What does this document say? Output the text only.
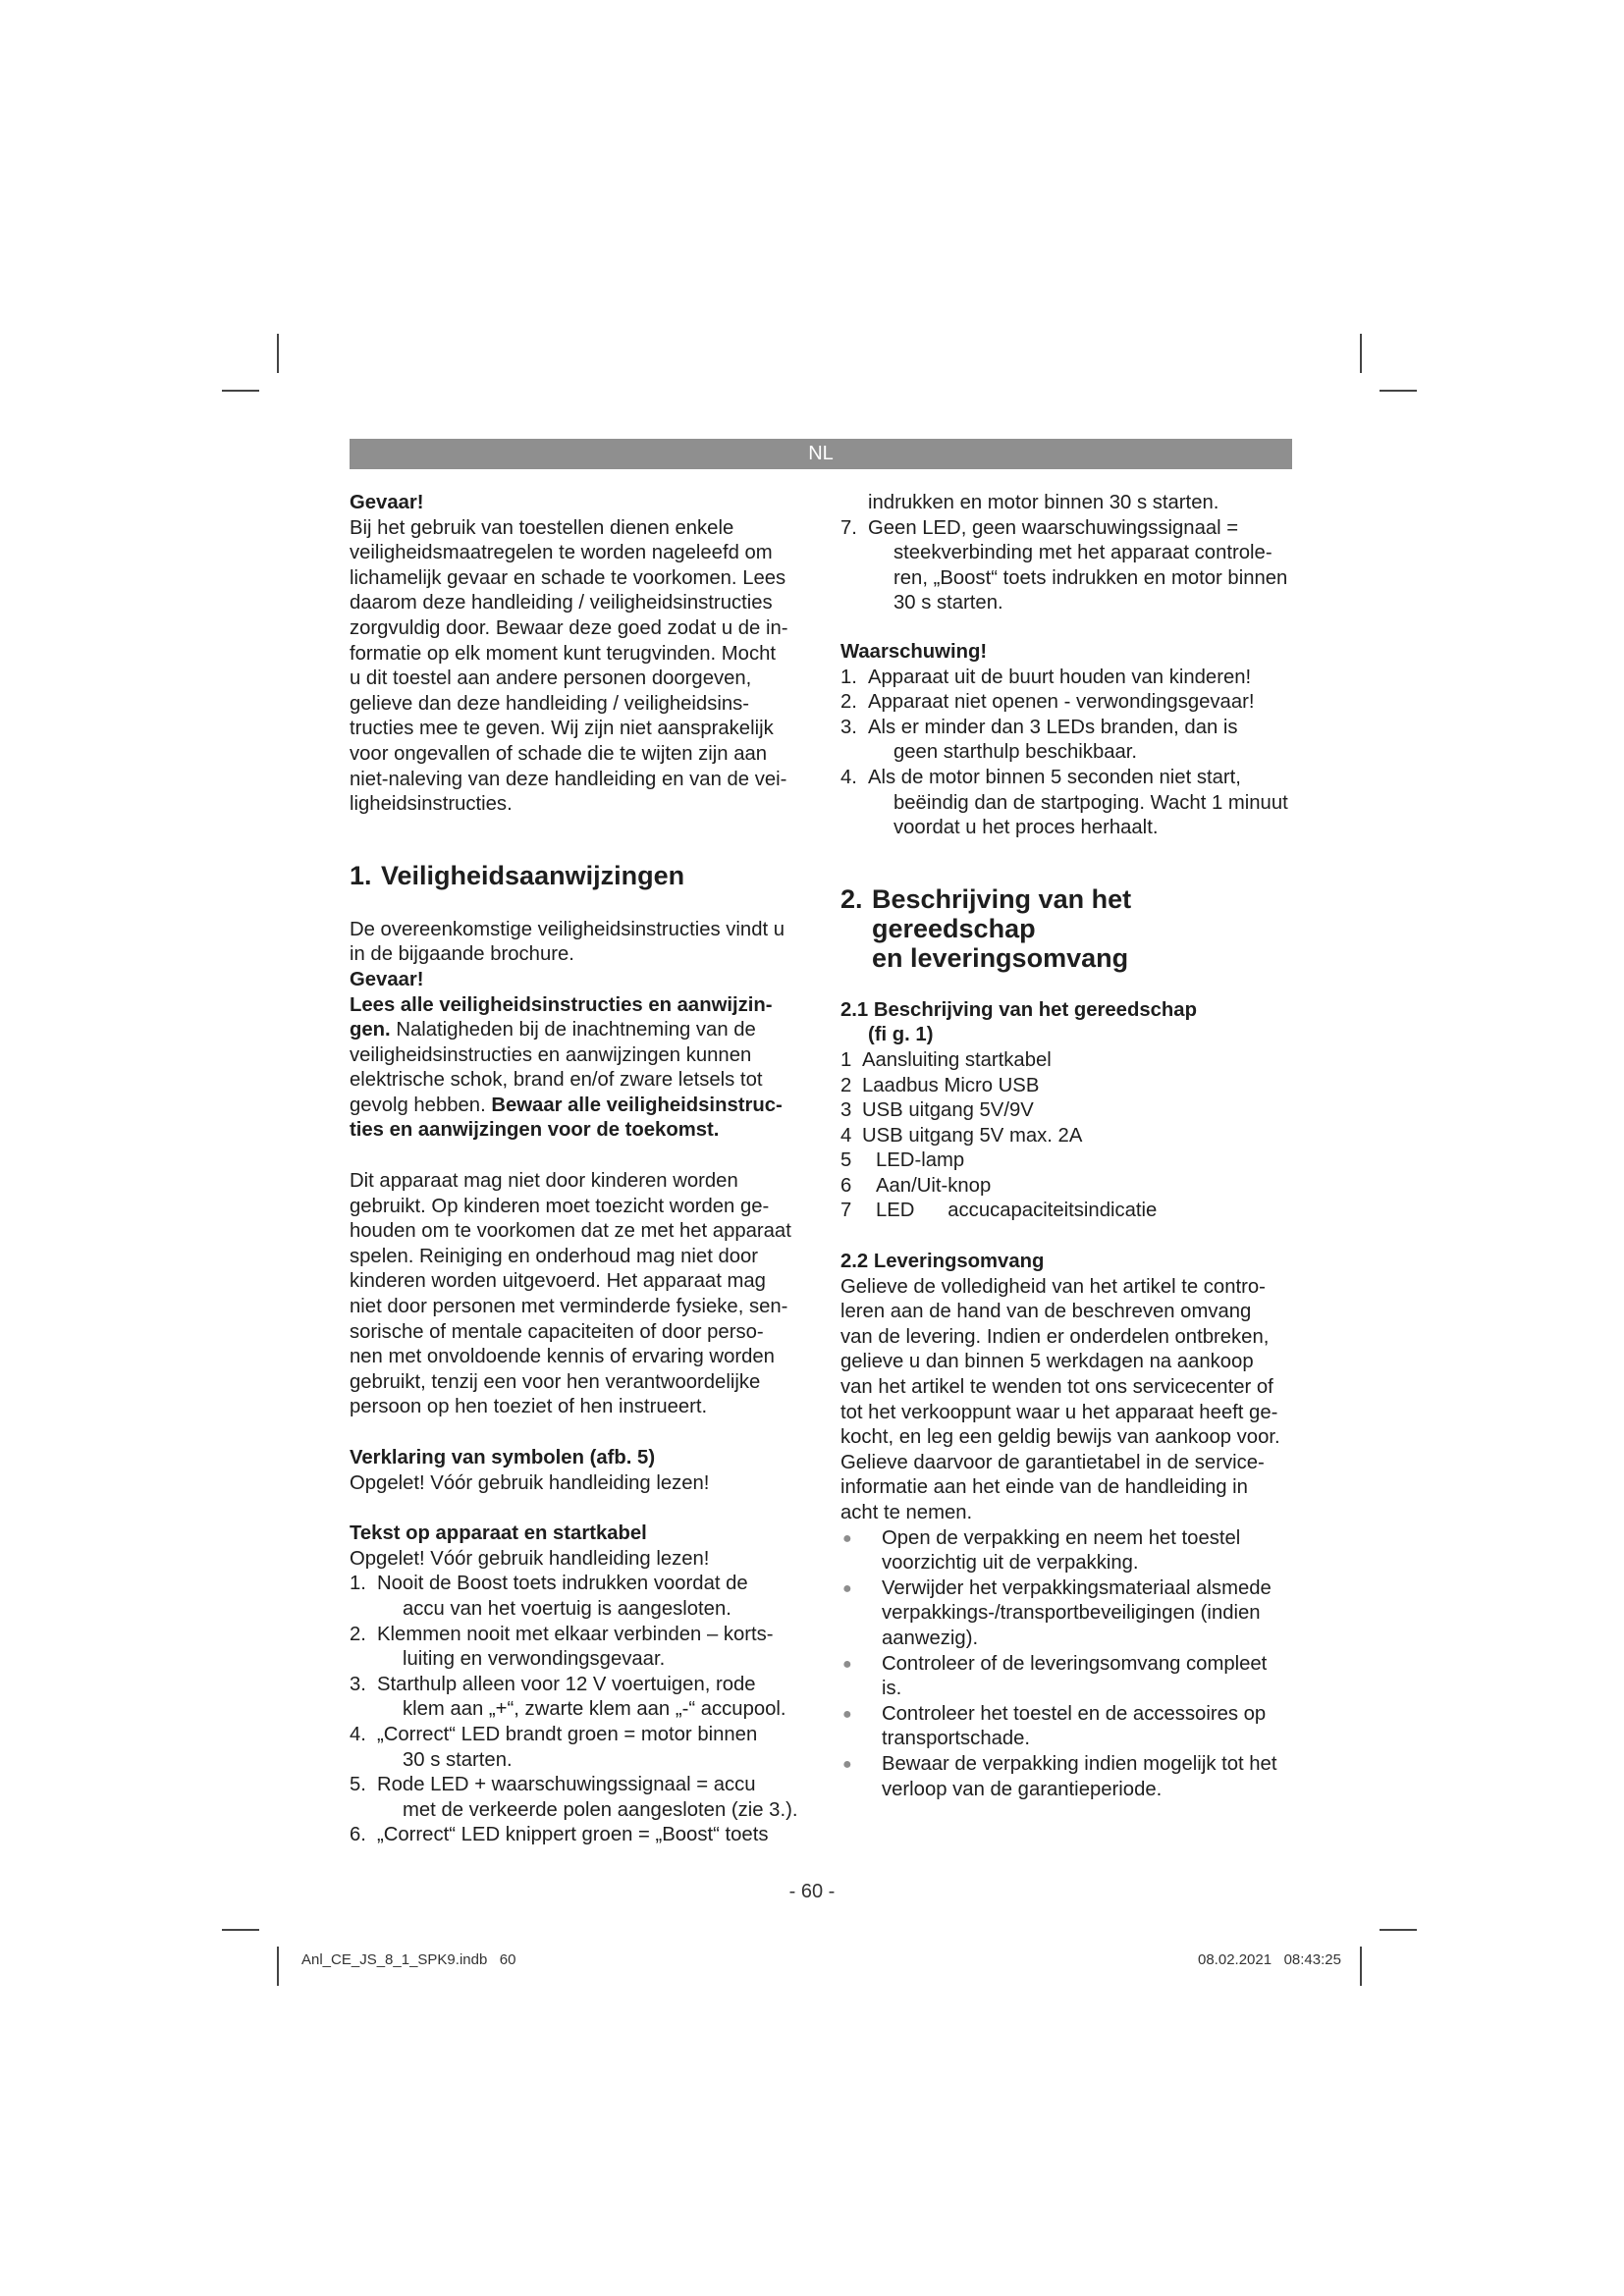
NL

Gevaar!

Bij het gebruik van toestellen dienen enkele
veiligheidsmaatregelen te worden nageleefd om
lichamelijk gevaar en schade te voorkomen. Lees
daarom deze handleiding / veiligheidsinstructies
zorgvuldig door. Bewaar deze goed zodat u de in-
formatie op elk moment kunt terugvinden. Mocht
u dit toestel aan andere personen doorgeven,
gelieve dan deze handleiding / veiligheidsins-
tructies mee te geven. Wij zijn niet aansprakelijk
voor ongevallen of schade die te wijten zijn aan
niet-naleving van deze handleiding en van de vei-
ligheidsinstructies.
1. Veiligheidsaanwijzingen
De overeenkomstige veiligheidsinstructies vindt u
in de bijgaande brochure.
Gevaar!
Lees alle veiligheidsinstructies en aanwijzin-
gen. Nalatigheden bij de inachtneming van de
veiligheidsinstructies en aanwijzingen kunnen
elektrische schok, brand en/of zware letsels tot
gevolg hebben. Bewaar alle veiligheidsinstruc-
ties en aanwijzingen voor de toekomst.
Dit apparaat mag niet door kinderen worden
gebruikt. Op kinderen moet toezicht worden ge-
houden om te voorkomen dat ze met het apparaat
spelen. Reiniging en onderhoud mag niet door
kinderen worden uitgevoerd. Het apparaat mag
niet door personen met verminderde fysieke, sen-
sorische of mentale capaciteiten of door perso-
nen met onvoldoende kennis of ervaring worden
gebruikt, tenzij een voor hen verantwoordelijke
persoon op hen toeziet of hen instrueert.
Verklaring van symbolen (afb. 5)
Opgelet! Vóór gebruik handleiding lezen!
Tekst op apparaat en startkabel
Opgelet! Vóór gebruik handleiding lezen!
1. Nooit de Boost toets indrukken voordat de
accu van het voertuig is aangesloten.
2. Klemmen nooit met elkaar verbinden – korts-
luiting en verwondingsgevaar.
3. Starthulp alleen voor 12 V voertuigen, rode
klem aan „+“, zwarte klem aan „-“ accupool.
4. „Correct“ LED brandt groen = motor binnen
30 s starten.
5. Rode LED + waarschuwingssignaal = accu
met de verkeerde polen aangesloten (zie 3.).
6. „Correct“ LED knippert groen = „Boost“ toets
indrukken en motor binnen 30 s starten.
7. Geen LED, geen waarschuwingssignaal =
steekverbinding met het apparaat controle-
ren, „Boost“ toets indrukken en motor binnen
30 s starten.
Waarschuwing!
1. Apparaat uit de buurt houden van kinderen!
2. Apparaat niet openen - verwondingsgevaar!
3. Als er minder dan 3 LEDs branden, dan is
geen starthulp beschikbaar.
4. Als de motor binnen 5 seconden niet start,
beëindig dan de startpoging. Wacht 1 minuut
voordat u het proces herhaalt.
2. Beschrijving van het gereedschap
en leveringsomvang
2.1 Beschrijving van het gereedschap
(fi g. 1)
1 Aansluiting startkabel
2 Laadbus Micro USB
3 USB uitgang 5V/9V
4 USB uitgang 5V max. 2A
5	LED-lamp
6	Aan/Uit-knop
7	LED      accucapaciteitsindicatie
2.2 Leveringsomvang
Gelieve de volledigheid van het artikel te contro-
leren aan de hand van de beschreven omvang
van de levering. Indien er onderdelen ontbreken,
gelieve u dan binnen 5 werkdagen na aankoop
van het artikel te wenden tot ons servicecenter of
tot het verkooppunt waar u het apparaat heeft ge-
kocht, en leg een geldig bewijs van aankoop voor.
Gelieve daarvoor de garantietabel in de service-
informatie aan het einde van de handleiding in
acht te nemen.
●	Open de verpakking en neem het toestel
voorzichtig uit de verpakking.
●	Verwijder het verpakkingsmateriaal alsmede
verpakkings-/transportbeveiligingen (indien
aanwezig).
●	Controleer of de leveringsomvang compleet
is.
●	Controleer het toestel en de accessoires op
transportschade.
●	Bewaar de verpakking indien mogelijk tot het
verloop van de garantieperiode.
- 60 -
Anl_CE_JS_8_1_SPK9.indb   60	08.02.2021   08:43:25
